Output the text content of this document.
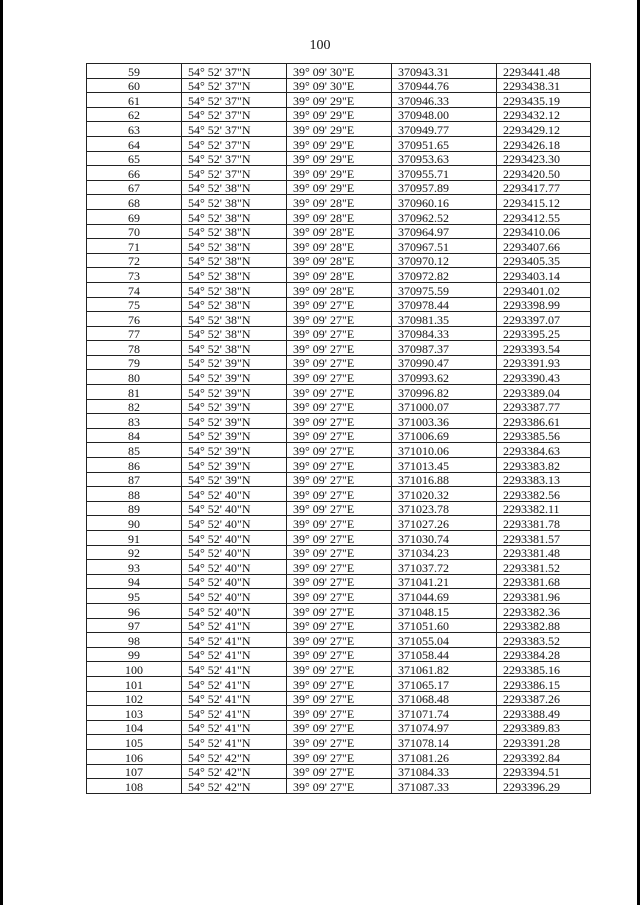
100
59	54° 52' 37"N	39° 09' 30"E	370943.31	2293441.48
60	54° 52' 37"N	39° 09' 30"E	370944.76	2293438.31
61	54° 52' 37"N	39° 09' 29"E	370946.33	2293435.19
62	54° 52' 37"N	39° 09' 29"E	370948.00	2293432.12
63	54° 52' 37"N	39° 09' 29"E	370949.77	2293429.12
64	54° 52' 37"N	39° 09' 29"E	370951.65	2293426.18
65	54° 52' 37"N	39° 09' 29"E	370953.63	2293423.30
66	54° 52' 37"N	39° 09' 29"E	370955.71	2293420.50
67	54° 52' 38"N	39° 09' 29"E	370957.89	2293417.77
68	54° 52' 38"N	39° 09' 28"E	370960.16	2293415.12
69	54° 52' 38"N	39° 09' 28"E	370962.52	2293412.55
70	54° 52' 38"N	39° 09' 28"E	370964.97	2293410.06
71	54° 52' 38"N	39° 09' 28"E	370967.51	2293407.66
72	54° 52' 38"N	39° 09' 28"E	370970.12	2293405.35
73	54° 52' 38"N	39° 09' 28"E	370972.82	2293403.14
74	54° 52' 38"N	39° 09' 28"E	370975.59	2293401.02
75	54° 52' 38"N	39° 09' 27"E	370978.44	2293398.99
76	54° 52' 38"N	39° 09' 27"E	370981.35	2293397.07
77	54° 52' 38"N	39° 09' 27"E	370984.33	2293395.25
78	54° 52' 38"N	39° 09' 27"E	370987.37	2293393.54
79	54° 52' 39"N	39° 09' 27"E	370990.47	2293391.93
80	54° 52' 39"N	39° 09' 27"E	370993.62	2293390.43
81	54° 52' 39"N	39° 09' 27"E	370996.82	2293389.04
82	54° 52' 39"N	39° 09' 27"E	371000.07	2293387.77
83	54° 52' 39"N	39° 09' 27"E	371003.36	2293386.61
84	54° 52' 39"N	39° 09' 27"E	371006.69	2293385.56
85	54° 52' 39"N	39° 09' 27"E	371010.06	2293384.63
86	54° 52' 39"N	39° 09' 27"E	371013.45	2293383.82
87	54° 52' 39"N	39° 09' 27"E	371016.88	2293383.13
88	54° 52' 40"N	39° 09' 27"E	371020.32	2293382.56
89	54° 52' 40"N	39° 09' 27"E	371023.78	2293382.11
90	54° 52' 40"N	39° 09' 27"E	371027.26	2293381.78
91	54° 52' 40"N	39° 09' 27"E	371030.74	2293381.57
92	54° 52' 40"N	39° 09' 27"E	371034.23	2293381.48
93	54° 52' 40"N	39° 09' 27"E	371037.72	2293381.52
94	54° 52' 40"N	39° 09' 27"E	371041.21	2293381.68
95	54° 52' 40"N	39° 09' 27"E	371044.69	2293381.96
96	54° 52' 40"N	39° 09' 27"E	371048.15	2293382.36
97	54° 52' 41"N	39° 09' 27"E	371051.60	2293382.88
98	54° 52' 41"N	39° 09' 27"E	371055.04	2293383.52
99	54° 52' 41"N	39° 09' 27"E	371058.44	2293384.28
100	54° 52' 41"N	39° 09' 27"E	371061.82	2293385.16
101	54° 52' 41"N	39° 09' 27"E	371065.17	2293386.15
102	54° 52' 41"N	39° 09' 27"E	371068.48	2293387.26
103	54° 52' 41"N	39° 09' 27"E	371071.74	2293388.49
104	54° 52' 41"N	39° 09' 27"E	371074.97	2293389.83
105	54° 52' 41"N	39° 09' 27"E	371078.14	2293391.28
106	54° 52' 42"N	39° 09' 27"E	371081.26	2293392.84
107	54° 52' 42"N	39° 09' 27"E	371084.33	2293394.51
108	54° 52' 42"N	39° 09' 27"E	371087.33	2293396.29
